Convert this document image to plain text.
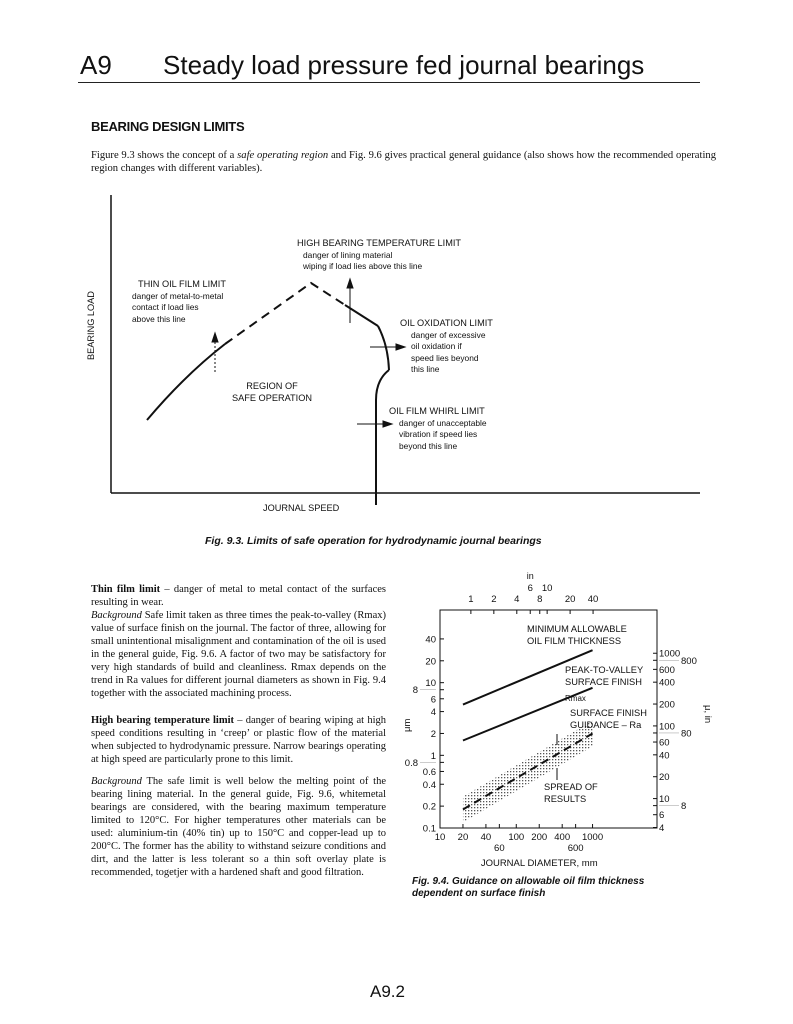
A9 Steady load pressure fed journal bearings
BEARING DESIGN LIMITS
Figure 9.3 shows the concept of a safe operating region and Fig. 9.6 gives practical general guidance (also shows how the recommended operating region changes with different variables).
BEARING LOAD
JOURNAL SPEED
HIGH BEARING TEMPERATURE LIMIT
danger of lining material
wiping if load lies above this line
THIN OIL FILM LIMIT
danger of metal-to-metal
contact if load lies
above this line	OIL OXIDATION LIMIT
danger of excessive
oil oxidation if
speed lies beyond
this line
REGION OF
SAFE OPERATION
OIL FILM WHIRL LIMIT
danger of unacceptable
vibration if speed lies
beyond this line
Fig. 9.3. Limits of safe operation for hydrodynamic journal bearings

Thin film limit – danger of metal to metal contact of the surfaces resulting in wear.
Background Safe limit taken as three times the peak-to-valley (Rmax) value of surface finish on the journal. The factor of three, allowing for small unintentional misalignment and contamination of the oil is used in the general guide, Fig. 9.6. A factor of two may be satisfactory for very high standards of build and cleanliness. Rmax depends on the trend in Ra values for different journal diameters as shown in Fig. 9.4 together with the associated machining process.

High bearing temperature limit – danger of bearing wiping at high speed conditions resulting in ‘creep’ or plastic flow of the material when subjected to hydrodynamic pressure. Narrow bearings operating at high speed are particularly prone to this limit.

Background The safe limit is well below the melting point of the bearing lining material. In the general guide, Fig. 9.6, whitemetal bearings are considered, with the bearing maximum temperature limited to 120°C. For higher temperatures other materials can be used: aluminium-tin (40% tin) up to 150°C and copper-lead up to 200°C. The former has the ability to withstand seizure conditions and dirt, and the latter is less tolerant so a thin soft overlay plate is recommended, togetjer with a hardened shaft and good filtration.

0.1
0.2
0.4
0.6
0.8
1
2
4
6
8
10
20
40
4
6
8
10
20
40
60
80
100
200
400
600
800
1000
10 20 40
60
100 200 400
600
1000
1 2 4
6
8
10
20 40
in
JOURNAL DIAMETER, mm
μm
μ, in
MINIMUM ALLOWABLE
OIL FILM THICKNESS
PEAK-TO-VALLEY
SURFACE FINISH
Rmax
SURFACE FINISH
GUIDANCE – Ra
SPREAD OF
RESULTS
Fig. 9.4. Guidance on allowable oil film thickness
dependent on surface finish
A9.2
